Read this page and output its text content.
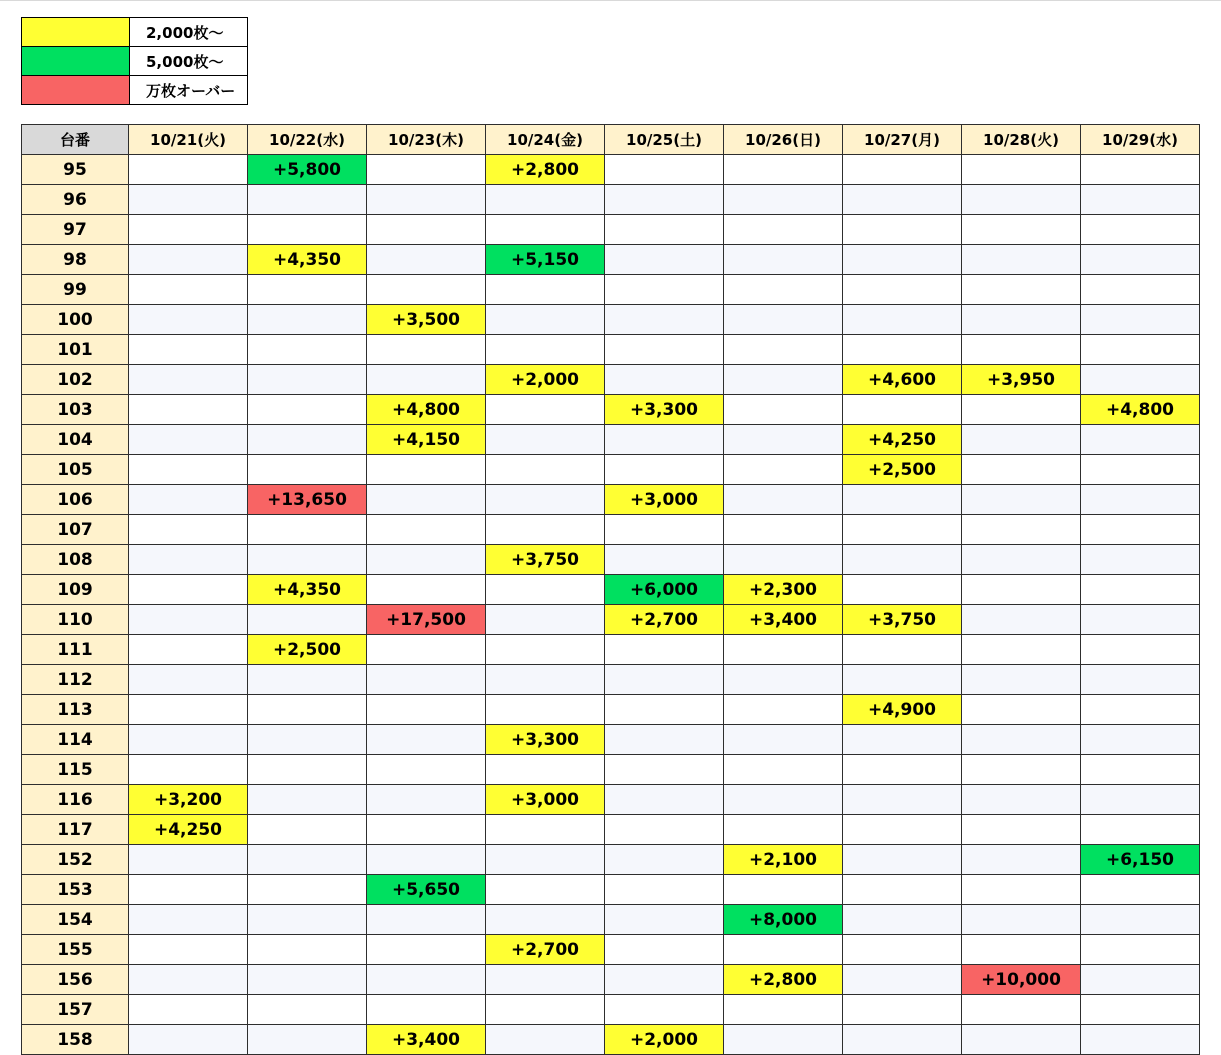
	2,000枚～
	5,000枚～
	万枚オーバー
台番	10/21(火)	10/22(水)	10/23(木)	10/24(金)	10/25(土)	10/26(日)	10/27(月)	10/28(火)	10/29(水)
95		+5,800		+2,800					
96									
97									
98		+4,350		+5,150					
99									
100			+3,500						
101									
102				+2,000			+4,600	+3,950	
103			+4,800		+3,300				+4,800
104			+4,150				+4,250		
105							+2,500		
106		+13,650			+3,000				
107									
108				+3,750					
109		+4,350			+6,000	+2,300			
110			+17,500		+2,700	+3,400	+3,750		
111		+2,500							
112									
113							+4,900		
114				+3,300					
115									
116	+3,200			+3,000					
117	+4,250								
152						+2,100			+6,150
153			+5,650						
154						+8,000			
155				+2,700					
156						+2,800		+10,000	
157									
158			+3,400		+2,000				
